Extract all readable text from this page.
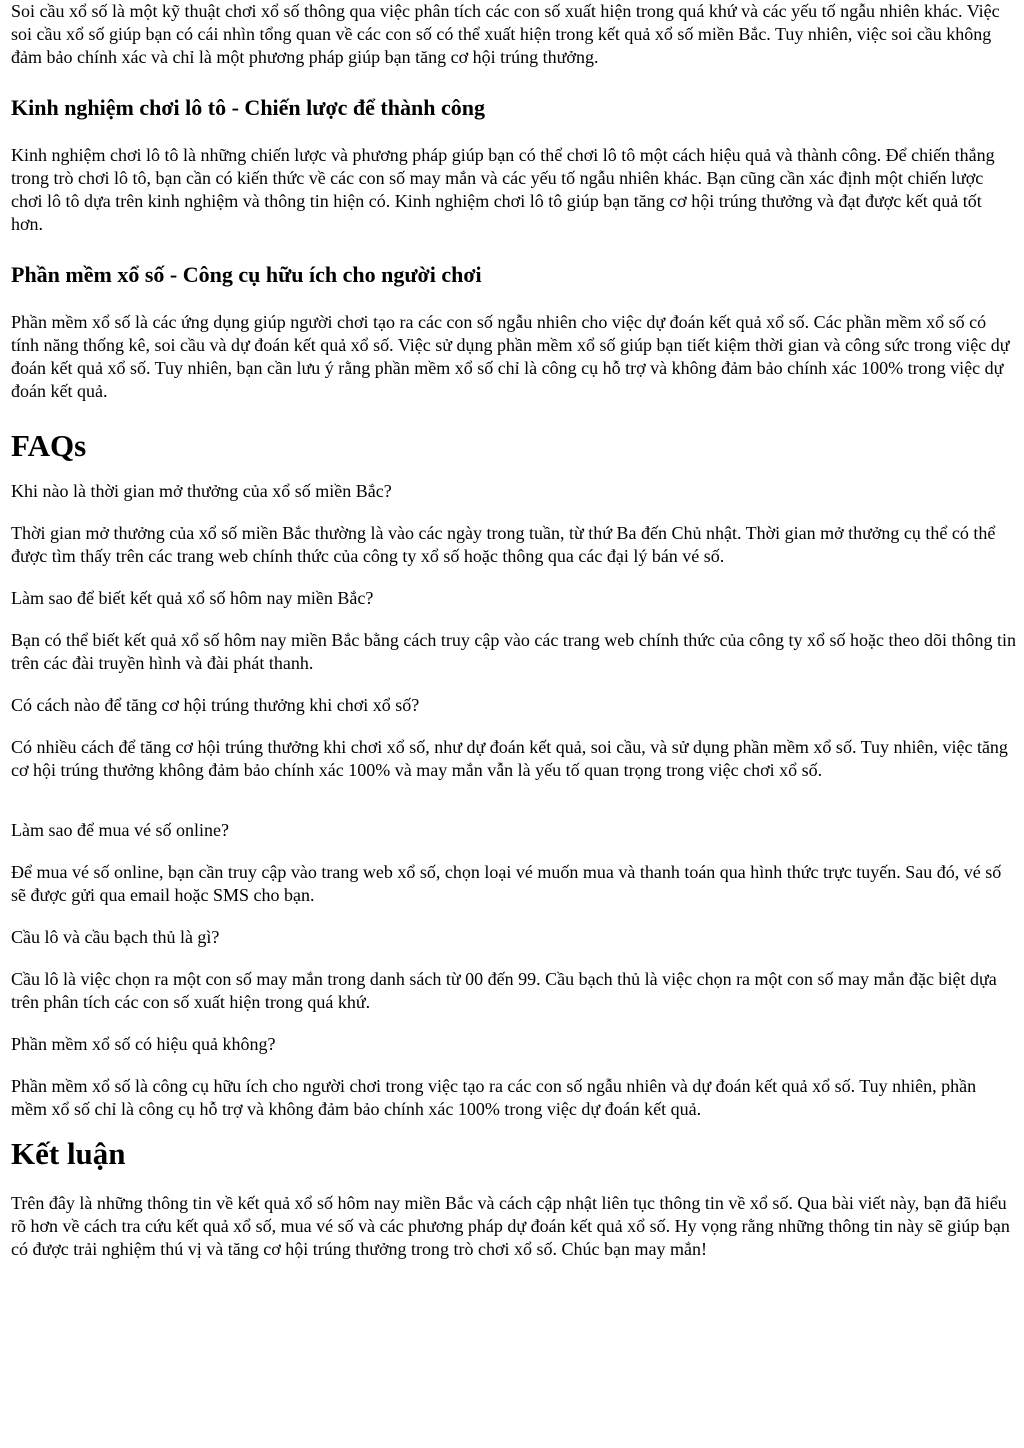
Soi cầu xổ số là một kỹ thuật chơi xổ số thông qua việc phân tích các con số xuất hiện trong quá khứ và các yếu tố ngẫu nhiên khác. Việc soi cầu xổ số giúp bạn có cái nhìn tổng quan về các con số có thể xuất hiện trong kết quả xổ số miền Bắc. Tuy nhiên, việc soi cầu không đảm bảo chính xác và chỉ là một phương pháp giúp bạn tăng cơ hội trúng thưởng.

Kinh nghiệm chơi lô tô - Chiến lược để thành công

Kinh nghiệm chơi lô tô là những chiến lược và phương pháp giúp bạn có thể chơi lô tô một cách hiệu quả và thành công. Để chiến thắng trong trò chơi lô tô, bạn cần có kiến thức về các con số may mắn và các yếu tố ngẫu nhiên khác. Bạn cũng cần xác định một chiến lược chơi lô tô dựa trên kinh nghiệm và thông tin hiện có. Kinh nghiệm chơi lô tô giúp bạn tăng cơ hội trúng thưởng và đạt được kết quả tốt hơn.

Phần mềm xổ số - Công cụ hữu ích cho người chơi

Phần mềm xổ số là các ứng dụng giúp người chơi tạo ra các con số ngẫu nhiên cho việc dự đoán kết quả xổ số. Các phần mềm xổ số có tính năng thống kê, soi cầu và dự đoán kết quả xổ số. Việc sử dụng phần mềm xổ số giúp bạn tiết kiệm thời gian và công sức trong việc dự đoán kết quả xổ số. Tuy nhiên, bạn cần lưu ý rằng phần mềm xổ số chỉ là công cụ hỗ trợ và không đảm bảo chính xác 100% trong việc dự đoán kết quả.

FAQs

Khi nào là thời gian mở thưởng của xổ số miền Bắc?

Thời gian mở thưởng của xổ số miền Bắc thường là vào các ngày trong tuần, từ thứ Ba đến Chủ nhật. Thời gian mở thưởng cụ thể có thể được tìm thấy trên các trang web chính thức của công ty xổ số hoặc thông qua các đại lý bán vé số.

Làm sao để biết kết quả xổ số hôm nay miền Bắc?

Bạn có thể biết kết quả xổ số hôm nay miền Bắc bằng cách truy cập vào các trang web chính thức của công ty xổ số hoặc theo dõi thông tin trên các đài truyền hình và đài phát thanh.

Có cách nào để tăng cơ hội trúng thưởng khi chơi xổ số?

Có nhiều cách để tăng cơ hội trúng thưởng khi chơi xổ số, như dự đoán kết quả, soi cầu, và sử dụng phần mềm xổ số. Tuy nhiên, việc tăng cơ hội trúng thưởng không đảm bảo chính xác 100% và may mắn vẫn là yếu tố quan trọng trong việc chơi xổ số.

Làm sao để mua vé số online?

Để mua vé số online, bạn cần truy cập vào trang web xổ số, chọn loại vé muốn mua và thanh toán qua hình thức trực tuyến. Sau đó, vé số sẽ được gửi qua email hoặc SMS cho bạn.

Cầu lô và cầu bạch thủ là gì?

Cầu lô là việc chọn ra một con số may mắn trong danh sách từ 00 đến 99. Cầu bạch thủ là việc chọn ra một con số may mắn đặc biệt dựa trên phân tích các con số xuất hiện trong quá khứ.

Phần mềm xổ số có hiệu quả không?

Phần mềm xổ số là công cụ hữu ích cho người chơi trong việc tạo ra các con số ngẫu nhiên và dự đoán kết quả xổ số. Tuy nhiên, phần mềm xổ số chỉ là công cụ hỗ trợ và không đảm bảo chính xác 100% trong việc dự đoán kết quả.

Kết luận

Trên đây là những thông tin về kết quả xổ số hôm nay miền Bắc và cách cập nhật liên tục thông tin về xổ số. Qua bài viết này, bạn đã hiểu rõ hơn về cách tra cứu kết quả xổ số, mua vé số và các phương pháp dự đoán kết quả xổ số. Hy vọng rằng những thông tin này sẽ giúp bạn có được trải nghiệm thú vị và tăng cơ hội trúng thưởng trong trò chơi xổ số. Chúc bạn may mắn!
